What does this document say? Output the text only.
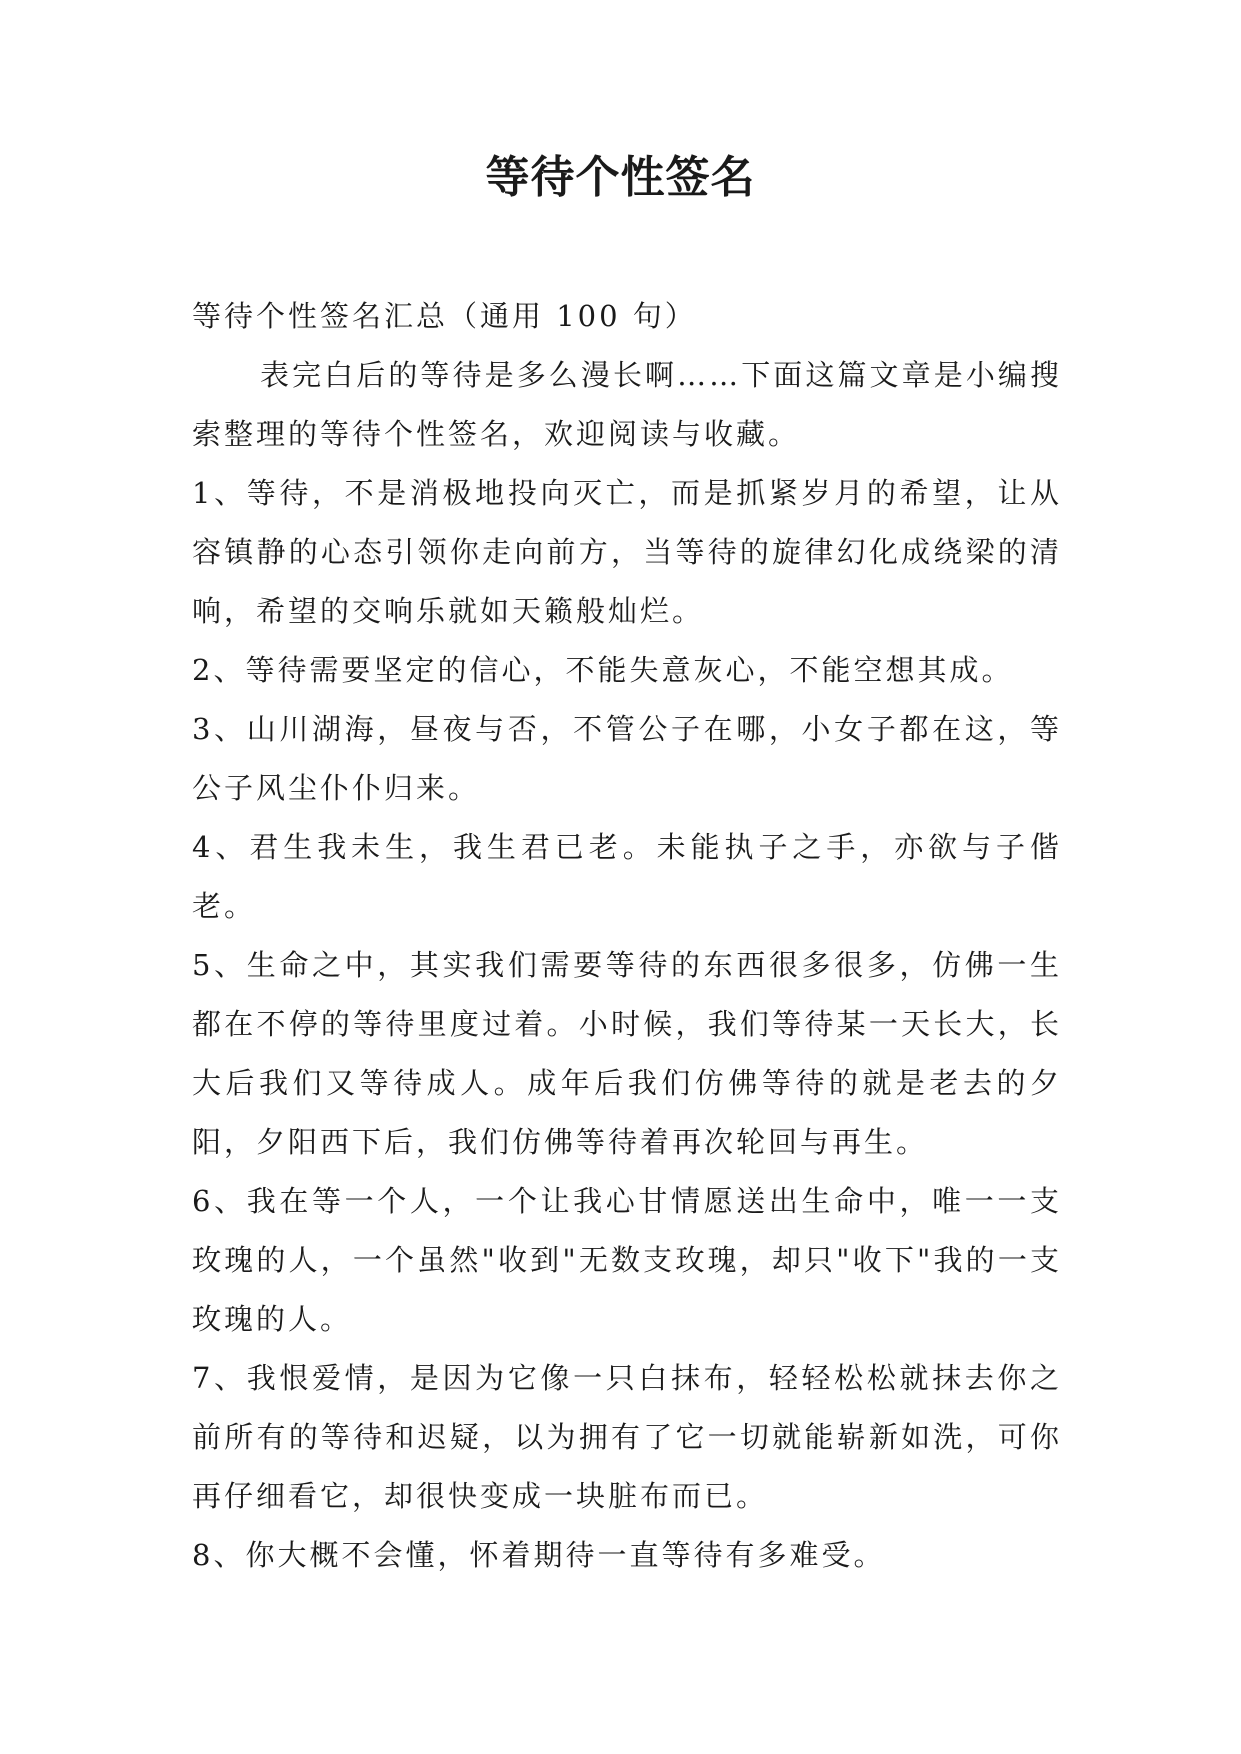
等待个性签名

等待个性签名汇总（通用 100 句）

表完白后的等待是多么漫长啊……下面这篇文章是小编搜索整理的等待个性签名，欢迎阅读与收藏。

1、等待，不是消极地投向灭亡，而是抓紧岁月的希望，让从容镇静的心态引领你走向前方，当等待的旋律幻化成绕梁的清响，希望的交响乐就如天籁般灿烂。

2、等待需要坚定的信心，不能失意灰心，不能空想其成。

3、山川湖海，昼夜与否，不管公子在哪，小女子都在这，等公子风尘仆仆归来。

4、君生我未生，我生君已老。未能执子之手，亦欲与子偕老。

5、生命之中，其实我们需要等待的东西很多很多，仿佛一生都在不停的等待里度过着。小时候，我们等待某一天长大，长大后我们又等待成人。成年后我们仿佛等待的就是老去的夕阳，夕阳西下后，我们仿佛等待着再次轮回与再生。

6、我在等一个人，一个让我心甘情愿送出生命中，唯一一支玫瑰的人，一个虽然"收到"无数支玫瑰，却只"收下"我的一支玫瑰的人。

7、我恨爱情，是因为它像一只白抹布，轻轻松松就抹去你之前所有的等待和迟疑，以为拥有了它一切就能崭新如洗，可你再仔细看它，却很快变成一块脏布而已。

8、你大概不会懂，怀着期待一直等待有多难受。
